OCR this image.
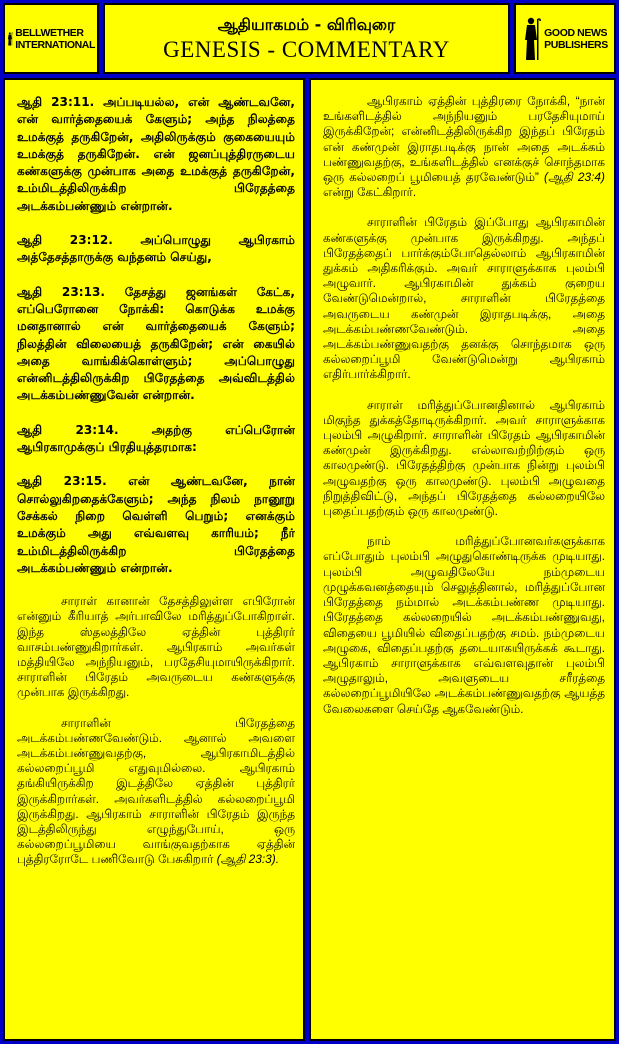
BELLWETHER
INTERNATIONAL
ஆதியாகமம் - விரிவுரை
GENESIS - COMMENTARY
GOOD NEWS
PUBLISHERS

ஆதி 23:11. அப்படியல்ல, என் ஆண்டவனே, என் வார்த்தையைக் கேளும்; அந்த நிலத்தை உமக்குத் தருகிறேன், அதிலிருக்கும் குகையையும் உமக்குத் தருகிறேன். என் ஜனப்புத்திரருடைய கண்களுக்கு முன்பாக அதை உமக்குத் தருகிறேன், உம்மிடத்திலிருக்கிற பிரேதத்தை அடக்கம்பண்ணும் என்றான்.

ஆதி 23:12. அப்பொழுது ஆபிரகாம் அத்தேசத்தாருக்கு வந்தனம் செய்து,

ஆதி 23:13. தேசத்து ஜனங்கள் கேட்க, எப்பெரோனை நோக்கி: கொடுக்க உமக்கு மனதானால் என் வார்த்தையைக் கேளும்; நிலத்தின் விலையைத் தருகிறேன்; என் கையில் அதை வாங்கிக்கொள்ளும்; அப்பொழுது என்னிடத்திலிருக்கிற பிரேதத்தை அவ்விடத்தில் அடக்கம்பண்ணுவேன் என்றான்.

ஆதி 23:14. அதற்கு எப்பெரோன் ஆபிரகாமுக்குப் பிரதியுத்தரமாக:

ஆதி 23:15. என் ஆண்டவனே, நான் சொல்லுகிறதைக்கேளும்; அந்த நிலம் நானூறு சேக்கல் நிறை வெள்ளி பெறும்; எனக்கும் உமக்கும் அது எவ்வளவு காரியம்; நீர் உம்மிடத்திலிருக்கிற பிரேதத்தை அடக்கம்பண்ணும் என்றான்.

சாராள் கானான் தேசத்திலுள்ள எபிரோன் என்னும் கீரியாத் அர்பாவிலே மரித்துப்போகிறாள். இந்த ஸ்தலத்திலே ஏத்தின் புத்திரர் வாசம்பண்ணுகிறார்கள். ஆபிரகாம் அவர்கள் மத்தியிலே அந்நியனும், பரதேசியுமாயிருக்கிறார். சாராளின் பிரேதம் அவருடைய கண்களுக்கு முன்பாக இருக்கிறது.

சாராளின் பிரேதத்தை அடக்கம்பண்ணவேண்டும். ஆனால் அவளை அடக்கம்பண்ணுவதற்கு, ஆபிரகாமிடத்தில் கல்லறைப்பூமி எதுவுமில்லை. ஆபிரகாம் தங்கியிருக்கிற இடத்திலே ஏத்தின் புத்திரர் இருக்கிறார்கள். அவர்களிடத்தில் கல்லறைப்பூமி இருக்கிறது. ஆபிரகாம் சாராளின் பிரேதம் இருந்த இடத்திலிருந்து எழுந்துபோய், ஒரு கல்லறைப்பூமியை வாங்குவதற்காக ஏத்தின் புத்திரரோடே பணிவோடு பேசுகிறார் (ஆதி 23:3).

ஆபிரகாம் ஏத்தின் புத்திரரை நோக்கி, “நான் உங்களிடத்தில் அந்நியனும் பரதேசியுமாய் இருக்கிறேன்; என்னிடத்திலிருக்கிற இந்தப் பிரேதம் என் கண்முன் இராதபடிக்கு நான் அதை அடக்கம் பண்ணுவதற்கு, உங்களிடத்தில் எனக்குச் சொந்தமாக ஒரு கல்லறைப் பூமியைத் தரவேண்டும்” (ஆதி 23:4) என்று கேட்கிறார்.

சாராளின் பிரேதம் இப்போது ஆபிரகாமின் கண்களுக்கு முன்பாக இருக்கிறது. அந்தப் பிரேதத்தைப் பார்க்கும்போதெல்லாம் ஆபிரகாமின் துக்கம் அதிகரிக்கும். அவர் சாராளுக்காக புலம்பி அழுவார். ஆபிரகாமின் துக்கம் குறைய வேண்டுமென்றால், சாராளின் பிரேதத்தை அவருடைய கண்முன் இராதபடிக்கு, அதை அடக்கம்பண்ணவேண்டும். அதை அடக்கம்பண்ணுவதற்கு தனக்கு சொந்தமாக ஒரு கல்லறைப்பூமி வேண்டுமென்று ஆபிரகாம் எதிர்பார்க்கிறார்.

சாராள் மரித்துப்போனதினால் ஆபிரகாம் மிகுந்த துக்கத்தோடிருக்கிறார். அவர் சாராளுக்காக புலம்பி அழுகிறார். சாராளின் பிரேதம் ஆபிரகாமின் கண்முன் இருக்கிறது. எல்லாவற்றிற்கும் ஒரு காலமுண்டு. பிரேதத்திற்கு முன்பாக நின்று புலம்பி அழுவதற்கு ஒரு காலமுண்டு. புலம்பி அழுவதை நிறுத்திவிட்டு, அந்தப் பிரேதத்தை கல்லறையிலே புதைப்பதற்கும் ஒரு காலமுண்டு.

நாம் மரித்துப்போனவர்களுக்காக எப்போதும் புலம்பி அழுதுகொண்டிருக்க முடியாது. புலம்பி அழுவதிலேயே நம்முடைய முழுக்கவனத்தையும் செலுத்தினால், மரித்துப்போன பிரேதத்தை நம்மால் அடக்கம்பண்ண முடியாது. பிரேதத்தை கல்லறையில் அடக்கம்பண்ணுவது, விதையை பூமியில் விதைப்பதற்கு சமம். நம்முடைய அழுகை, விதைப்பதற்கு தடையாகயிருக்கக் கூடாது. ஆபிரகாம் சாராளுக்காக எவ்வளவுதான் புலம்பி அழுதாலும், அவளுடைய சரீரத்தை கல்லறைப்பூமியிலே அடக்கம்பண்ணுவதற்கு ஆயத்த வேலைகளை செய்தே ஆகவேண்டும்.
